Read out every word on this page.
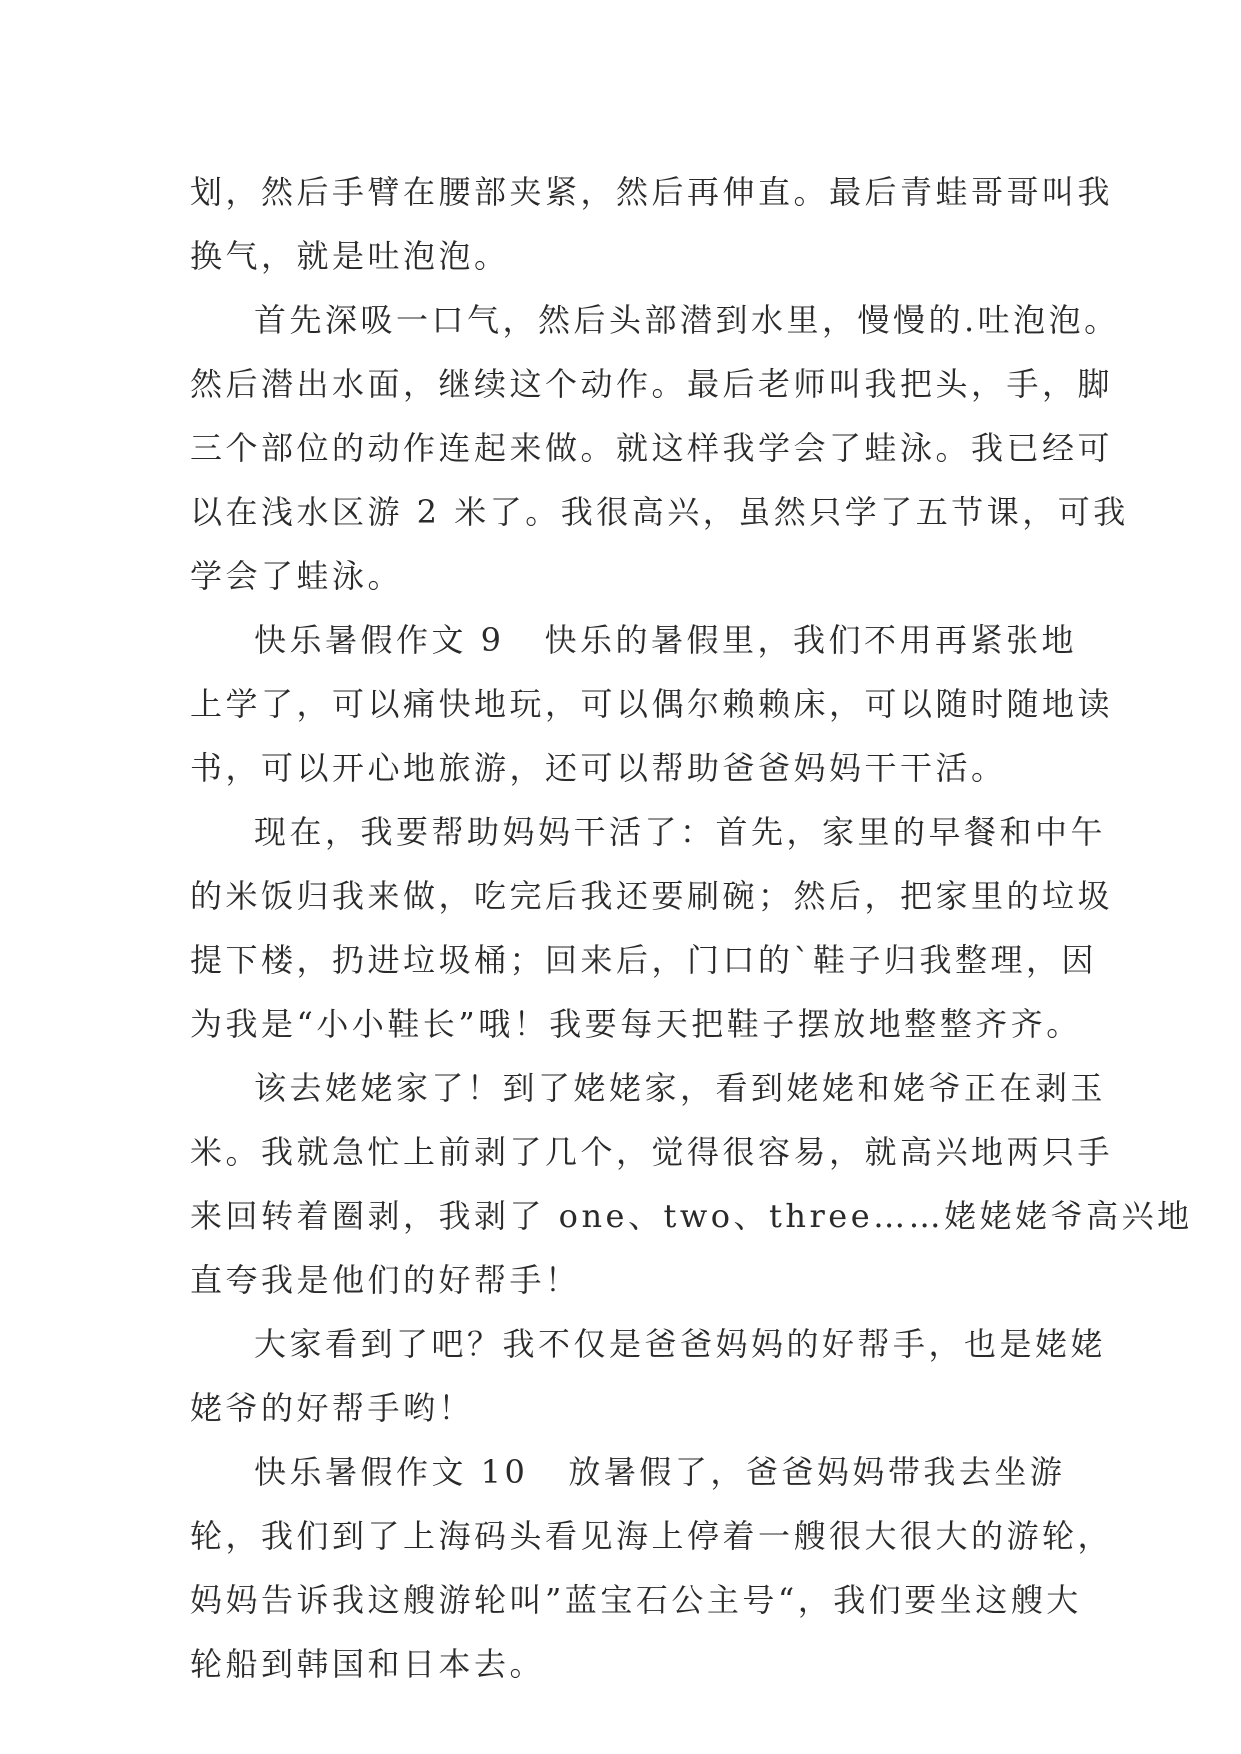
划，然后手臂在腰部夹紧，然后再伸直。最后青蛙哥哥叫我
换气，就是吐泡泡。
首先深吸一口气，然后头部潜到水里，慢慢的.吐泡泡。
然后潜出水面，继续这个动作。最后老师叫我把头，手，脚
三个部位的动作连起来做。就这样我学会了蛙泳。我已经可
以在浅水区游 2 米了。我很高兴，虽然只学了五节课，可我
学会了蛙泳。
快乐暑假作文 9 快乐的暑假里，我们不用再紧张地
上学了，可以痛快地玩，可以偶尔赖赖床，可以随时随地读
书，可以开心地旅游，还可以帮助爸爸妈妈干干活。
现在，我要帮助妈妈干活了：首先，家里的早餐和中午
的米饭归我来做，吃完后我还要刷碗；然后，把家里的垃圾
提下楼，扔进垃圾桶；回来后，门口的`鞋子归我整理，因
为我是“小小鞋长”哦！我要每天把鞋子摆放地整整齐齐。
该去姥姥家了！到了姥姥家，看到姥姥和姥爷正在剥玉
米。我就急忙上前剥了几个，觉得很容易，就高兴地两只手
来回转着圈剥，我剥了 one、two、three……姥姥姥爷高兴地
直夸我是他们的好帮手！
大家看到了吧？我不仅是爸爸妈妈的好帮手，也是姥姥
姥爷的好帮手哟！
快乐暑假作文 10 放暑假了，爸爸妈妈带我去坐游
轮，我们到了上海码头看见海上停着一艘很大很大的游轮，
妈妈告诉我这艘游轮叫”蓝宝石公主号“，我们要坐这艘大
轮船到韩国和日本去。
